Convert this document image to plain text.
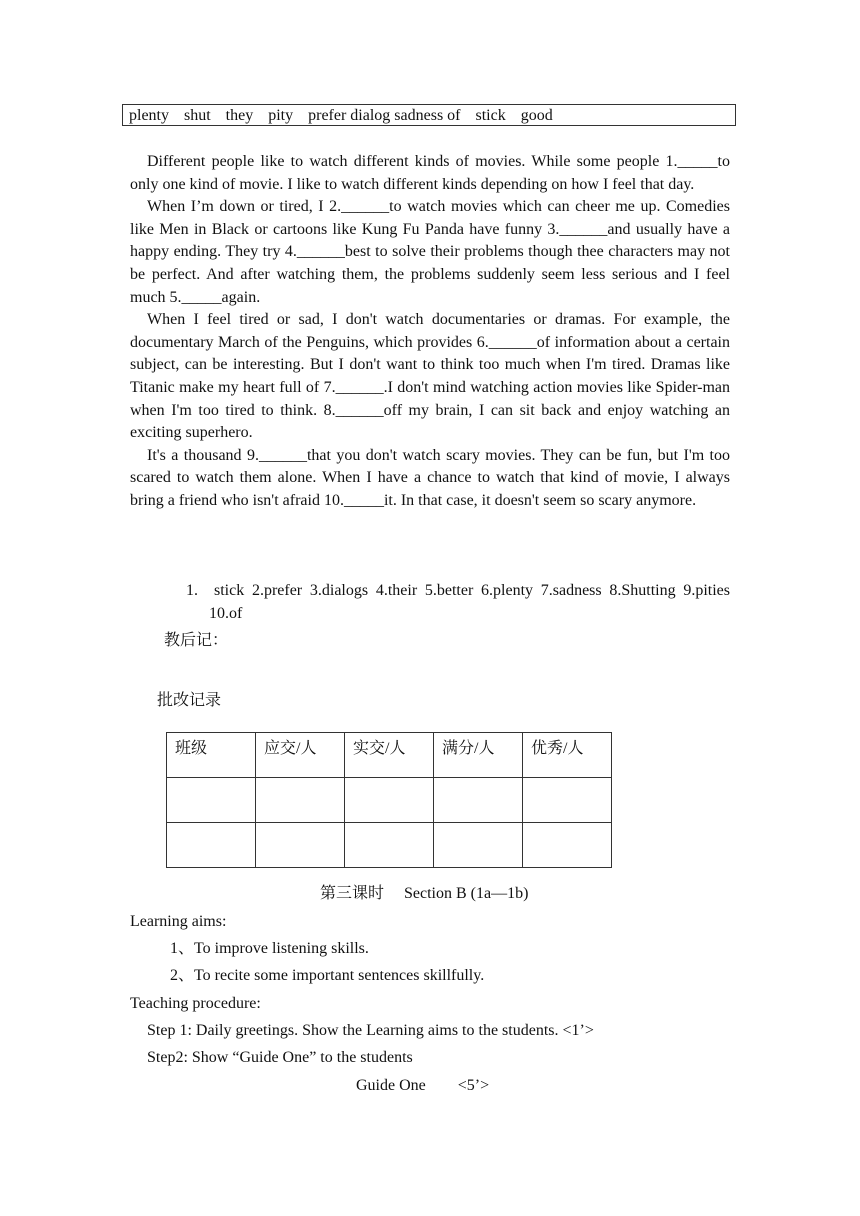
plenty shut they pity prefer dialog sadness of stick good

Different people like to watch different kinds of movies. While some people 1._____to only one kind of movie. I like to watch different kinds depending on how I feel that day.

When I’m down or tired, I 2.______to watch movies which can cheer me up. Comedies like Men in Black or cartoons like Kung Fu Panda have funny 3.______and usually have a happy ending. They try 4.______best to solve their problems though thee characters may not be perfect. And after watching them, the problems suddenly seem less serious and I feel much 5._____again.

When I feel tired or sad, I don't watch documentaries or dramas. For example, the documentary March of the Penguins, which provides 6.______of information about a certain subject, can be interesting. But I don't want to think too much when I'm tired. Dramas like Titanic make my heart full of 7.______.I don't mind watching action movies like Spider-man when I'm too tired to think. 8.______off my brain, I can sit back and enjoy watching an exciting superhero.

It's a thousand 9.______that you don't watch scary movies. They can be fun, but I'm too scared to watch them alone. When I have a chance to watch that kind of movie, I always bring a friend who isn't afraid 10._____it. In that case, it doesn't seem so scary anymore.

1. stick 2.prefer 3.dialogs 4.their 5.better 6.plenty 7.sadness 8.Shutting 9.pities 10.of
教后记：
批改记录
班级	应交/人	实交/人	满分/人	优秀/人

第三课时  Section B (1a—1b)
Learning aims:
1、To improve listening skills.
2、To recite some important sentences skillfully.
Teaching procedure:
Step 1: Daily greetings. Show the Learning aims to the students. <1’>
Step2: Show “Guide One” to the students
Guide One  <5’>
